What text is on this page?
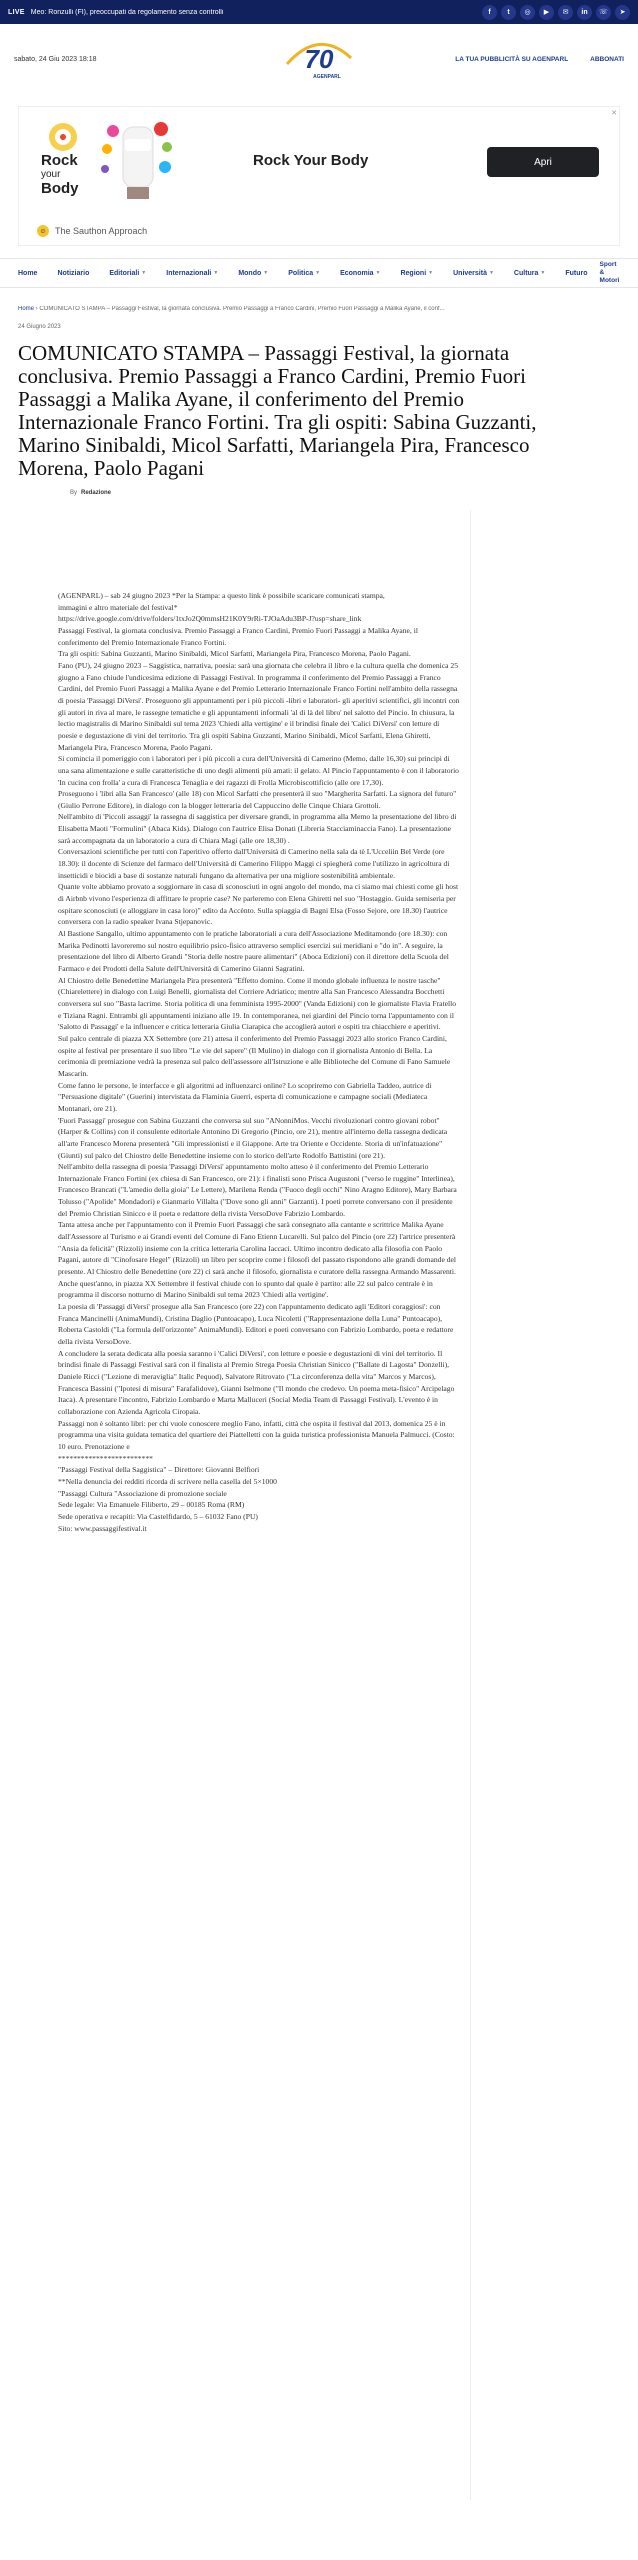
LIVE Meo: Ronzulli (FI), preoccupati da regolamento senza controlli	f	t	◎	▶	✉	in	☏	➤
sabato, 24 Giu 2023 18:18	70
AGENPARL
LA TUA PUBBLICITÀ SU AGENPARL	ABBONATI
✕
Rock
your
Body
Rock Your Body	Apri
☺ The Sauthon Approach
Home	Notiziario	Editoriali ▼	Internazionali ▼	Mondo ▼	Politica ▼	Economia ▼	Regioni ▼	Università ▼	Cultura ▼	Futuro
Sport
&
Motori
Home › COMUNICATO STAMPA – Passaggi Festival, la giornata conclusiva. Premio Passaggi a Franco Cardini, Premio Fuori Passaggi a Malika Ayane, il conf...
24 Giugno 2023
COMUNICATO STAMPA – Passaggi Festival, la giornata conclusiva. Premio Passaggi a Franco Cardini, Premio Fuori Passaggi a Malika Ayane, il conferimento del Premio Internazionale Franco Fortini. Tra gli ospiti: Sabina Guzzanti, Marino Sinibaldi, Micol Sarfatti, Mariangela Pira, Francesco Morena, Paolo Pagani
By Redazione

(AGENPARL) – sab 24 giugno 2023 *Per la Stampa: a questo link è possibile scaricare comunicati stampa,

immagini e altro materiale del festival*

https://drive.google.com/drive/folders/1txJo2Q0mmsH21K0Y9rRi-TJOaAdu3BP-J?usp=share_link

Passaggi Festival, la giornata conclusiva. Premio Passaggi a Franco Cardini, Premio Fuori Passaggi a Malika Ayane, il conferimento del Premio Internazionale Franco Fortini.

Tra gli ospiti: Sabina Guzzanti, Marino Sinibaldi, Micol Sarfatti, Mariangela Pira, Francesco Morena, Paolo Pagani.

Fano (PU), 24 giugno 2023 – Saggistica, narrativa, poesia: sarà una giornata che celebra il libro e la cultura quella che domenica 25 giugno a Fano chiude l'undicesima edizione di Passaggi Festival. In programma il conferimento del Premio Passaggi a Franco Cardini, del Premio Fuori Passaggi a Malika Ayane e del Premio Letterario Internazionale Franco Fortini nell'ambito della rassegna di poesia 'Passaggi DiVersi'. Proseguono gli appuntamenti per i più piccoli -libri e laboratori- gli aperitivi scientifici, gli incontri con gli autori in riva al mare, le rassegne tematiche e gli appuntamenti informali 'al di là del libro' nel salotto del Pincio. In chiusura, la lectio magistralis di Marino Sinibaldi sul tema 2023 'Chiedi alla vertigine' e il brindisi finale dei 'Calici DiVersi' con letture di poesie e degustazione di vini del territorio. Tra gli ospiti Sabina Guzzanti, Marino Sinibaldi, Micol Sarfatti, Elena Ghiretti, Mariangela Pira, Francesco Morena, Paolo Pagani.

Si comincia il pomeriggio con i laboratori per i più piccoli a cura dell'Università di Camerino (Memo, dalle 16,30) sui principi di una sana alimentazione e sulle caratteristiche di uno degli alimenti più amati: il gelato. Al Pincio l'appuntamento è con il laboratorio 'In cucina con frolla' a cura di Francesca Tenaglia e dei ragazzi di Frolla Microbiscottificio (alle ore 17,30).

Proseguono i 'libri alla San Francesco' (alle 18) con Micol Sarfatti che presenterà il suo "Margherita Sarfatti. La signora del futuro" (Giulio Perrone Editore), in dialogo con la blogger letteraria del Cappuccino delle Cinque Chiara Grottoli.

Nell'ambito di 'Piccoli assaggi' la rassegna di saggistica per diversare grandi, in programma alla Memo la presentazione del libro di Elisabetta Maoti "Formulini" (Abaca Kids). Dialogo con l'autrice Elisa Donati (Libreria Stacciaminaccia Fano). La presentazione sarà accompagnata da un laboratorio a cura di Chiara Magi (alle ore 18,30) .

Conversazioni scientifiche per tutti con l'aperitivo offerto dall'Università di Camerino nella sala da tè L'Ucceliin Bel Verde (ore 18.30): il docente di Scienze del farmaco dell'Università di Camerino Filippo Maggi ci spiegherà come l'utilizzo in agricoltura di insetticidi e biocidi a base di sostanze naturali fungano da alternativa per una migliore sostenibilità ambientale.

Quante volte abbiamo provato a soggiornare in casa di sconosciuti in ogni angolo del mondo, ma ci siamo mai chiesti come gli host di Airbnb vivono l'esperienza di affittare le proprie case? Ne parleremo con Elena Ghiretti nel suo "Hostaggio. Guida semiseria per ospitare sconosciuti (e alloggiare in casa loro)" edito da Accènto. Sulla spiaggia di Bagni Elsa (Fosso Sejore, ore 18.30) l'autrice conversera con la radio speaker Ivana Stjepanovic.

Al Bastione Sangallo, ultimo appuntamento con le pratiche laboratoriali a cura dell'Associazione Meditamondo (ore 18.30): con Marika Pedinotti lavoreremo sul nostro equilibrio psico-fisico attraverso semplici esercizi sui meridiani e "do in". A seguire, la presentazione del libro di Alberto Grandi "Storia delle nostre paure alimentari" (Aboca Edizioni) con il direttore della Scuola del Farmaco e dei Prodotti della Salute dell'Università di Camerino Gianni Sagratini.

Al Chiostro delle Benedettine Mariangela Pira presenterà "Effetto domino. Come il mondo globale influenza le nostre tasche" (Chiarelettere) in dialogo con Luigi Benelli, giornalista del Corriere Adriatico; mentre alla San Francesco Alessandra Bocchetti conversera sul suo "Basta lacrime. Storia politica di una femminista 1995-2000" (Vanda Edizioni) con le giornaliste Flavia Fratello e Tiziana Ragni. Entrambi gli appuntamenti iniziano alle 19. In contemporanea, nei giardini del Pincio torna l'appuntamento con il 'Salotto di Passaggi' e la influencer e critica letteraria Giulia Ciarapica che accoglierà autori e ospiti tra chiacchiere e aperitivi.

Sul palco centrale di piazza XX Settembre (ore 21) attesa il conferimento del Premio Passaggi 2023 allo storico Franco Cardini, ospite al festival per presentare il suo libro "Le vie del sapere" (Il Mulino) in dialogo con il giornalista Antonio di Bella. La cerimonia di premiazione vedrà la presenza sul palco dell'assessore all'Istruzione e alle Biblioteche del Comune di Fano Samuele Mascarin.

Come fanno le persone, le interfacce e gli algoritmi ad influenzarci online? Lo scopriremo con Gabriella Taddeo, autrice di "Persuasione digitale" (Guerini) intervistata da Flaminia Guerri, esperta di comunicazione e campagne sociali (Mediateca Montanari, ore 21).

'Fuori Passaggi' prosegue con Sabina Guzzanti che conversa sul suo "ANonniMos. Vecchi rivoluzionari contro giovani robot" (Harper & Collins) con il consulente editoriale Antonino Di Gregorio (Pincio, ore 21), mentre all'interno della rassegna dedicata all'arte Francesco Morena presenterà "Gli impressionisti e il Giappone. Arte tra Oriente e Occidente. Storia di un'infatuazione" (Giunti) sul palco del Chiostro delle Benedettine insieme con lo storico dell'arte Rodolfo Battistini (ore 21).

Nell'ambito della rassegna di poesia 'Passaggi DiVersi' appuntamento molto atteso è il conferimento del Premio Letterario Internazionale Franco Fortini (ex chiesa di San Francesco, ore 21): i finalisti sono Prisca Augustoni ("verso le ruggine" Interlinea), Francesco Brancati ("L'amedio della gioia" Le Lettere), Marilena Renda ("Fuoco degli occhi" Nino Aragno Editore), Mary Barbara Tolusso ("Apolide" Mondadori) e Gianmario Villalta ("Dove sono gli anni" Garzanti). I poeti porrete conversano con il presidente del Premio Christian Sinicco e il poeta e redattore della rivista VersoDove Fabrizio Lombardo.

Tanta attesa anche per l'appuntamento con il Premio Fuori Passaggi che sarà consegnato alla cantante e scrittrice Malika Ayane dall'Assessore al Turismo e ai Grandi eventi del Comune di Fano Etienn Lucarelli. Sul palco del Pincio (ore 22) l'artrice presenterà "Ansia da felicità" (Rizzoli) insieme con la critica letteraria Carolina Iaccaci. Ultimo incontro dedicato alla filosofia con Paolo Pagani, autore di "Cinofosare Hegel" (Rizzoli) un libro per scoprire come i filosofi del passato rispondono alle grandi domande del presente. Al Chiostro delle Benedettine (ore 22) ci sarà anche il filosofo, giornalista e curatore della rassegna Armando Massarenti.

Anche quest'anno, in piazza XX Settembre il festival chiude con lo spunto dal quale è partito: alle 22 sul palco centrale è in programma il discorso notturno di Marino Sinibaldi sul tema 2023 'Chiedi alla vertigine'.

La poesia di 'Passaggi diVersi' prosegue alla San Francesco (ore 22) con l'appuntamento dedicato agli 'Editori coraggiosi': con Franca Mancinelli (AnimaMundi), Cristina Daglio (Puntoacapo), Luca Nicoletti ("Rappresentazione della Luna" Puntoacapo), Roberta Castoldi ("La formula dell'orizzonte" AnimaMundi). Editori e poeti conversano con Fabrizio Lombardo, poeta e redattore della rivista VersoDove.

A concludere la serata dedicata alla poesia saranno i 'Calici DiVersi', con letture e poesie e degustazioni di vini del territorio. Il brindisi finale di Passaggi Festival sarà con il finalista al Premio Strega Poesia Christian Sinicco ("Ballate di Lagosta" Donzelli), Daniele Ricci ("Lezione di meraviglia" Italic Pequod), Salvatore Ritrovato ("La circonferenza della vita" Marcos y Marcos), Francesca Bassini ("Ipotesi di misura" Farafalidove), Gianni Iselmone ("Il mondo che credevo. Un poema meta-fisico" Arcipelago Itaca). A presentare l'incontro, Fabrizio Lombardo e Marta Malluceri (Social Media Team di Passaggi Festival). L'evento è in collaborazione con Azienda Agricola Ciropaia.

Passaggi non è soltanto libri: per chi vuole conoscere meglio Fano, infatti, città che ospita il festival dal 2013, domenica 25 è in programma una visita guidata tematica del quartiere dei Piattelletti con la guida turistica professionista Manuela Palmucci. (Costo: 10 euro. Prenotazione e

*************************

"Passaggi Festival della Saggistica" – Direttore: Giovanni Belfiori

**Nella denuncia dei redditi ricorda di scrivere nella casella del 5×1000

"Passaggi Cultura "Associazione di promozione sociale

Sede legale: Via Emanuele Filiberto, 29 – 00185 Roma (RM)

Sede operativa e recapiti: Via Castelfidardo, 5 – 61032 Fano (PU)

Sito: www.passaggifestival.it
